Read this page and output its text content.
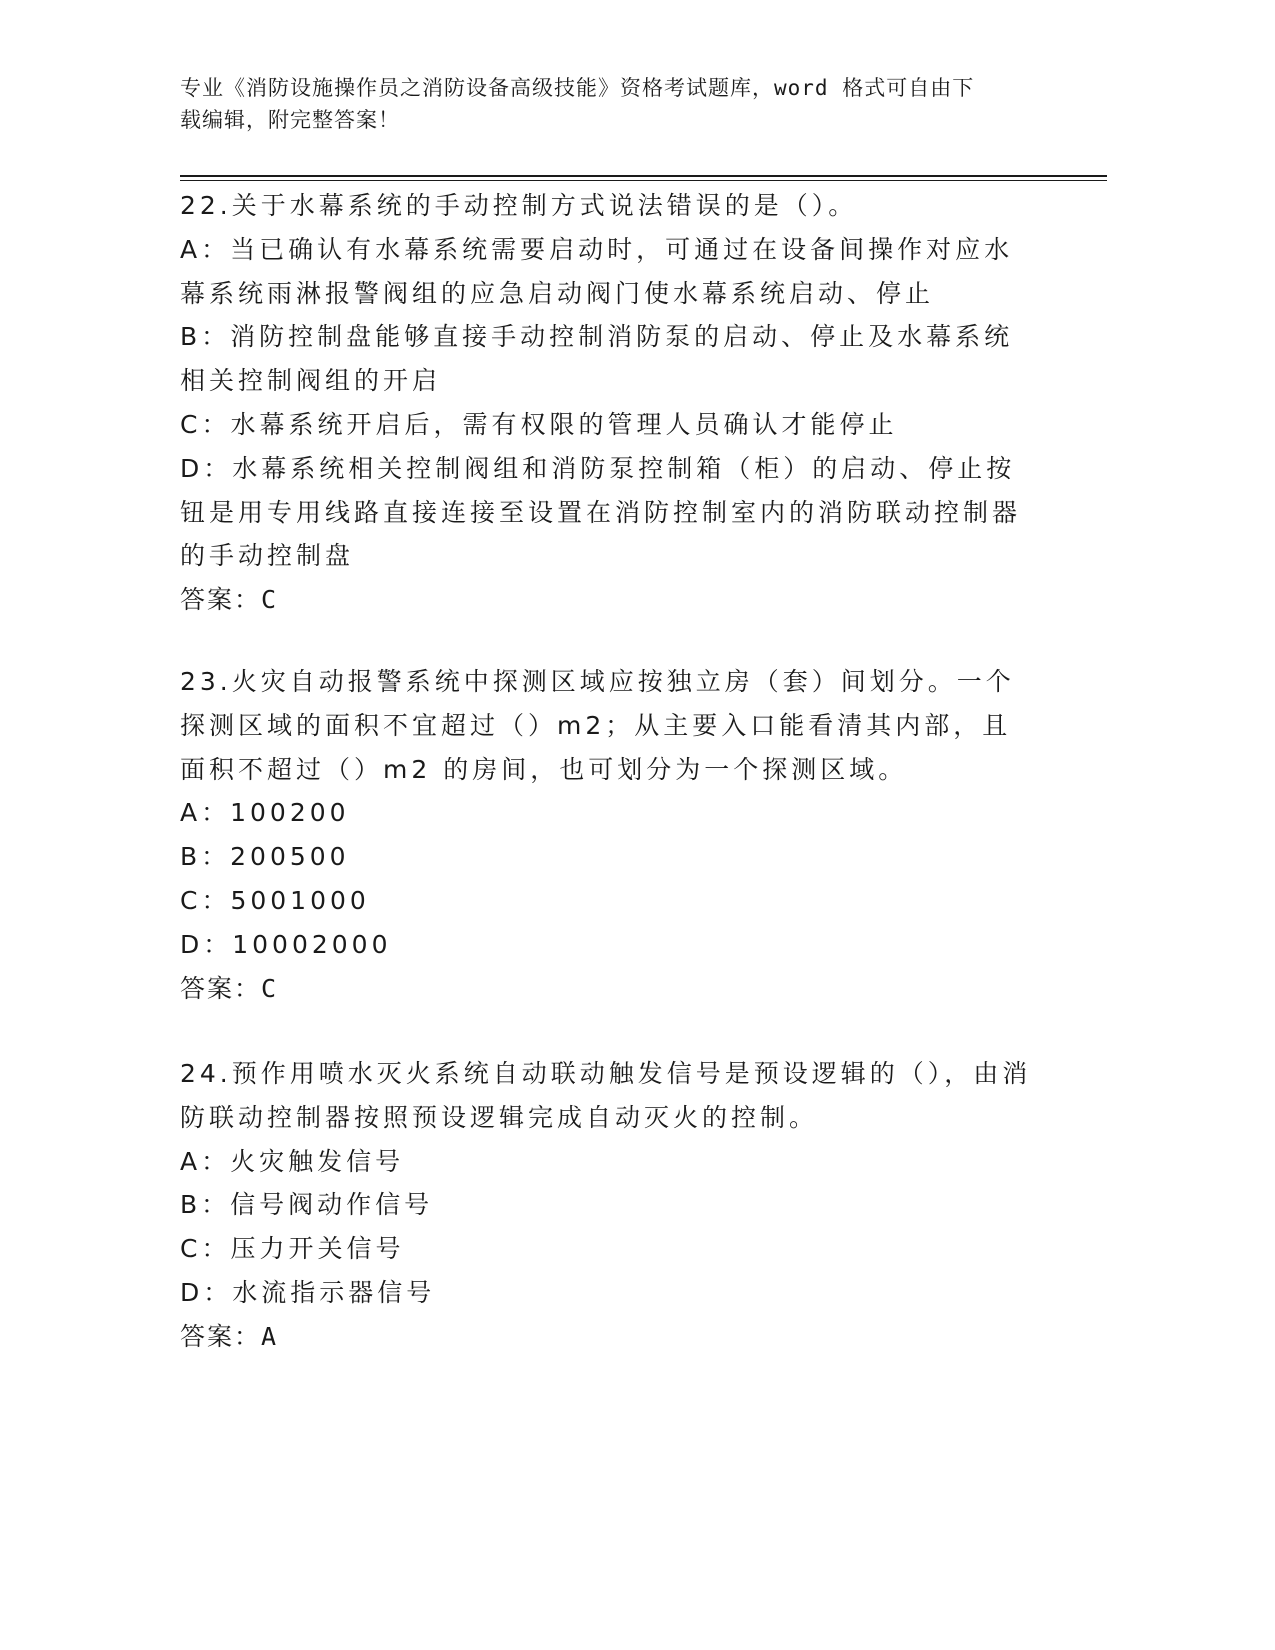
专业《消防设施操作员之消防设备高级技能》资格考试题库，word 格式可自由下
载编辑，附完整答案！

22.关于水幕系统的手动控制方式说法错误的是（）。

A：当已确认有水幕系统需要启动时，可通过在设备间操作对应水幕系统雨淋报警阀组的应急启动阀门使水幕系统启动、停止

B：消防控制盘能够直接手动控制消防泵的启动、停止及水幕系统相关控制阀组的开启

C：水幕系统开启后，需有权限的管理人员确认才能停止

D：水幕系统相关控制阀组和消防泵控制箱（柜）的启动、停止按钮是用专用线路直接连接至设置在消防控制室内的消防联动控制器的手动控制盘

答案：C

23.火灾自动报警系统中探测区域应按独立房（套）间划分。一个探测区域的面积不宜超过（）m2；从主要入口能看清其内部，且面积不超过（）m2 的房间，也可划分为一个探测区域。

A：100200

B：200500

C：5001000

D：10002000

答案：C

24.预作用喷水灭火系统自动联动触发信号是预设逻辑的（），由消防联动控制器按照预设逻辑完成自动灭火的控制。

A：火灾触发信号

B：信号阀动作信号

C：压力开关信号

D：水流指示器信号

答案：A
